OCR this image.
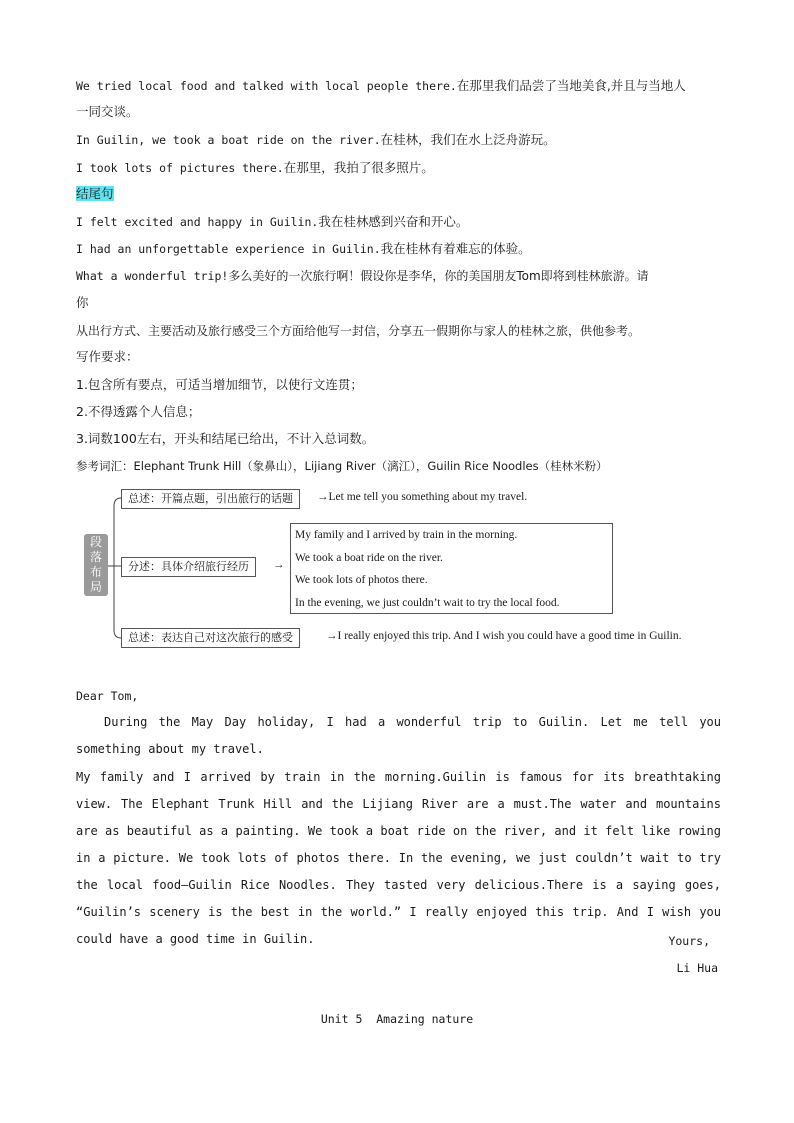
We tried local food and talked with local people there.在那里我们品尝了当地美食,并且与当地人
一同交谈。
In Guilin, we took a boat ride on the river.在桂林，我们在水上泛舟游玩。
I took lots of pictures there.在那里，我拍了很多照片。
结尾句
I felt excited and happy in Guilin.我在桂林感到兴奋和开心。
I had an unforgettable experience in Guilin.我在桂林有着难忘的体验。
What a wonderful trip!多么美好的一次旅行啊！假设你是李华，你的美国朋友Tom即将到桂林旅游。请
你
从出行方式、主要活动及旅行感受三个方面给他写一封信，分享五一假期你与家人的桂林之旅，供他参考。
写作要求：
1.包含所有要点，可适当增加细节，以使行文连贯；
2.不得透露个人信息；
3.词数100左右，开头和结尾已给出，不计入总词数。
参考词汇：Elephant Trunk Hill（象鼻山），Lijiang River（漓江），Guilin Rice Noodles（桂林米粉）
段
落
布
局
总述：开篇点题，引出旅行的话题	→Let me tell you something about my travel.
分述：具体介绍旅行经历	→
My family and I arrived by train in the morning.
We took a boat ride on the river.
We took lots of photos there.
In the evening, we just couldn’t wait to try the local food.
总述：表达自己对这次旅行的感受	→I really enjoyed this trip. And I wish you could have a good time in Guilin.
Dear Tom,
During the May Day holiday, I had a wonderful trip to Guilin. Let me tell you something about my travel.
My family and I arrived by train in the morning.Guilin is famous for its breathtaking view. The Elephant Trunk Hill and the Lijiang River are a must.The water and mountains are as beautiful as a painting. We took a boat ride on the river, and it felt like rowing in a picture. We took lots of photos there. In the evening, we just couldn’t wait to try the local food—Guilin Rice Noodles. They tasted very delicious.There is a saying goes, “Guilin’s scenery is the best in the world.” I really enjoyed this trip. And I wish you could have a good time in Guilin.	Yours,
Li Hua
Unit 5  Amazing nature
